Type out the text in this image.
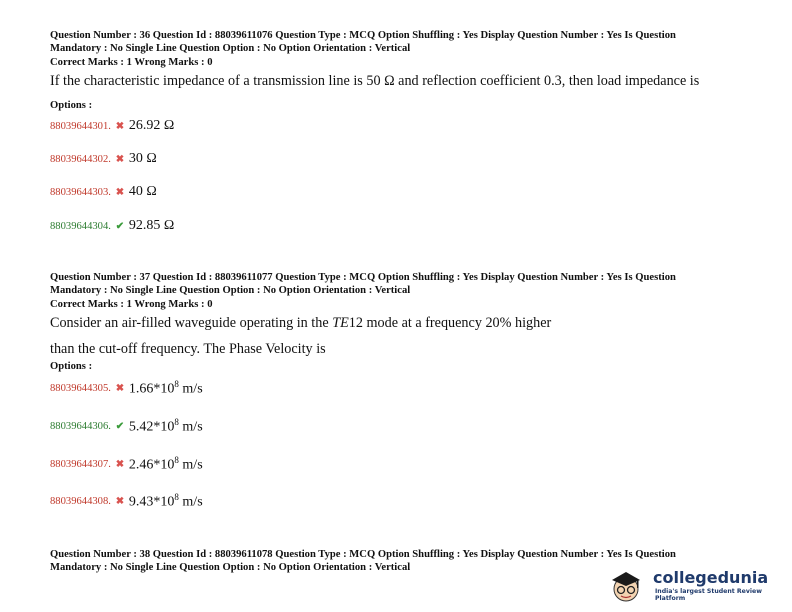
Question Number : 36 Question Id : 88039611076 Question Type : MCQ Option Shuffling : Yes Display Question Number : Yes Is Question
Mandatory : No Single Line Question Option : No Option Orientation : Vertical
Correct Marks : 1 Wrong Marks : 0
If the characteristic impedance of a transmission line is 50 Ω and reflection coefficient 0.3, then load impedance is
Options :
88039644301. ✖ 26.92 Ω
88039644302. ✖ 30 Ω
88039644303. ✖ 40 Ω
88039644304. ✔ 92.85 Ω
Question Number : 37 Question Id : 88039611077 Question Type : MCQ Option Shuffling : Yes Display Question Number : Yes Is Question
Mandatory : No Single Line Question Option : No Option Orientation : Vertical
Correct Marks : 1 Wrong Marks : 0
Consider an air-filled waveguide operating in the TE12 mode at a frequency 20% higher
than the cut-off frequency. The Phase Velocity is
Options :
88039644305. ✖ $1.66*10^8$ m/s
88039644306. ✔ $5.42*10^8$ m/s
88039644307. ✖ $2.46*10^8$ m/s
88039644308. ✖ $9.43*10^8$ m/s
Question Number : 38 Question Id : 88039611078 Question Type : MCQ Option Shuffling : Yes Display Question Number : Yes Is Question
Mandatory : No Single Line Question Option : No Option Orientation : Vertical
collegedunia
India's largest Student Review Platform
